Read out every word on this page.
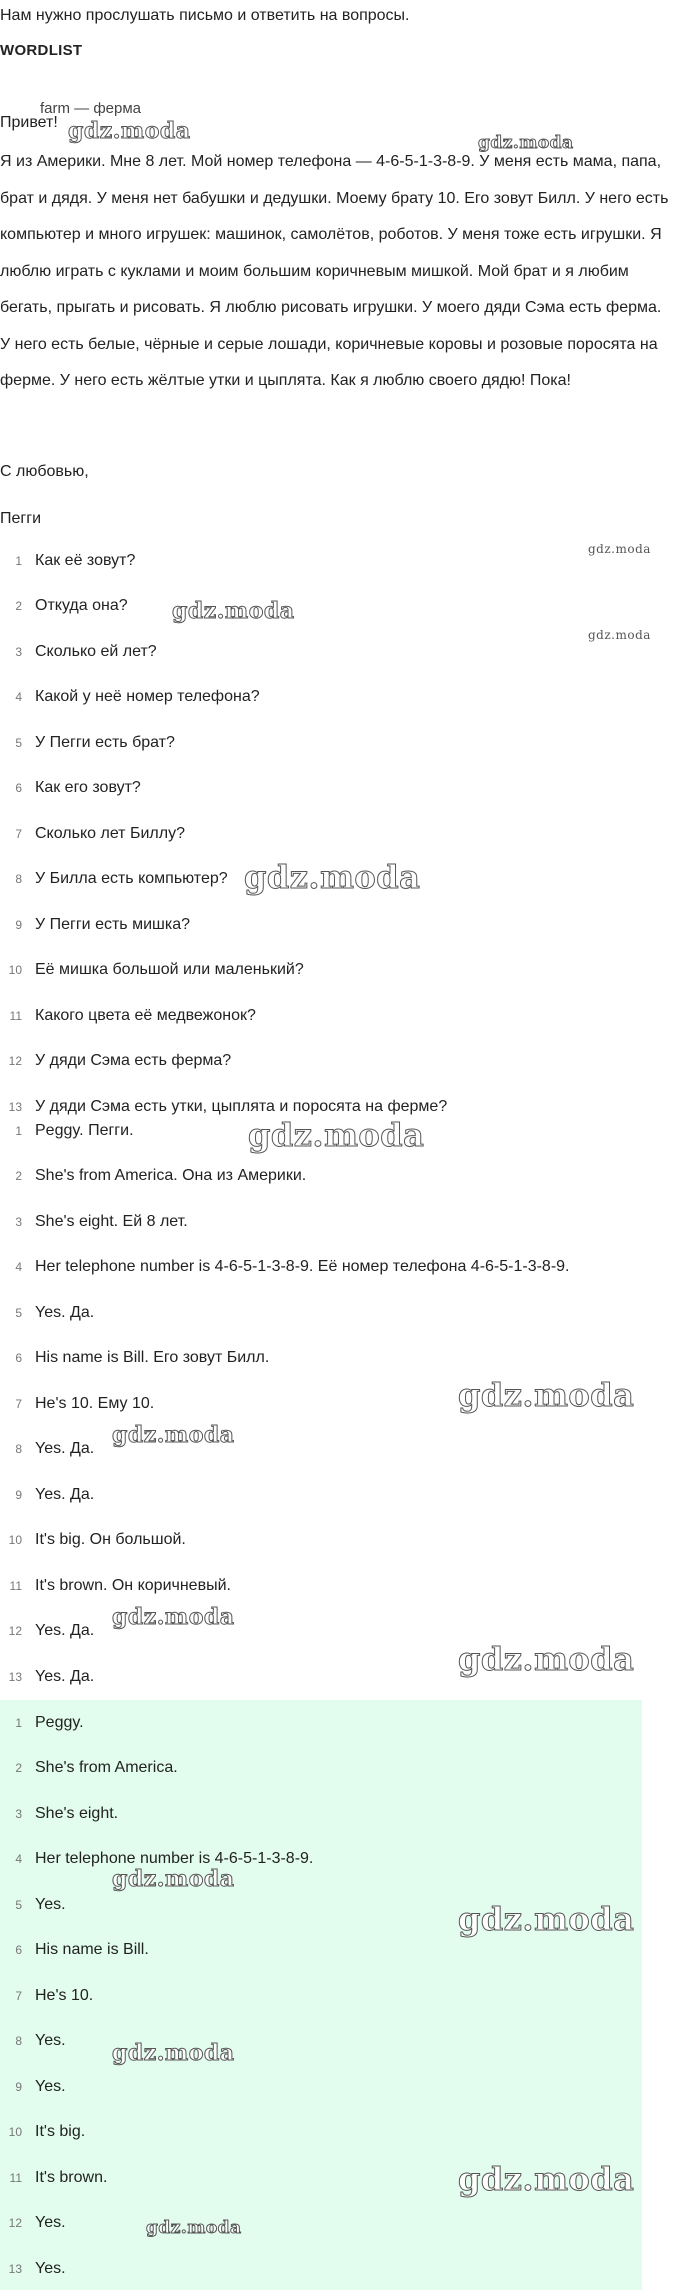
Нам нужно прослушать письмо и ответить на вопросы.
WORDLIST
farm — ферма
Привет!

Я из Америки. Мне 8 лет. Мой номер телефона — 4-6-5-1-3-8-9. У меня есть мама, папа, брат и дядя. У меня нет бабушки и дедушки. Моему брату 10. Его зовут Билл. У него есть компьютер и много игрушек: машинок, самолётов, роботов. У меня тоже есть игрушки. Я люблю играть с куклами и моим большим коричневым мишкой. Мой брат и я любим бегать, прыгать и рисовать. Я люблю рисовать игрушки. У моего дяди Сэма есть ферма. У него есть белые, чёрные и серые лошади, коричневые коровы и розовые поросята на ферме. У него есть жёлтые утки и цыплята. Как я люблю своего дядю! Пока!

С любовью,
Пегги
1 Как её зовут?
2 Откуда она?
3 Сколько ей лет?
4 Какой у неё номер телефона?
5 У Пегги есть брат?
6 Как его зовут?
7 Сколько лет Биллу?
8 У Билла есть компьютер?
9 У Пегги есть мишка?
10 Её мишка большой или маленький?
11 Какого цвета её медвежонок?
12 У дяди Сэма есть ферма?
13 У дяди Сэма есть утки, цыплята и поросята на ферме?
1 Peggy. Пегги.
2 She's from America. Она из Америки.
3 She's eight. Ей 8 лет.
4 Her telephone number is 4-6-5-1-3-8-9. Её номер телефона 4-6-5-1-3-8-9.
5 Yes. Да.
6 His name is Bill. Его зовут Билл.
7 He's 10. Ему 10.
8 Yes. Да.
9 Yes. Да.
10 It's big. Он большой.
11 It's brown. Он коричневый.
12 Yes. Да.
13 Yes. Да.
1 Peggy.
2 She's from America.
3 She's eight.
4 Her telephone number is 4-6-5-1-3-8-9.
5 Yes.
6 His name is Bill.
7 He's 10.
8 Yes.
9 Yes.
10 It's big.
11 It's brown.
12 Yes.
13 Yes.
gdz.moda	gdz.moda
gdz.moda
gdz.moda
gdz.moda
gdz.moda
gdz.moda
gdz.moda
gdz.moda
gdz.moda
gdz.moda
gdz.moda
gdz.moda
gdz.moda
gdz.moda
gdz.moda
